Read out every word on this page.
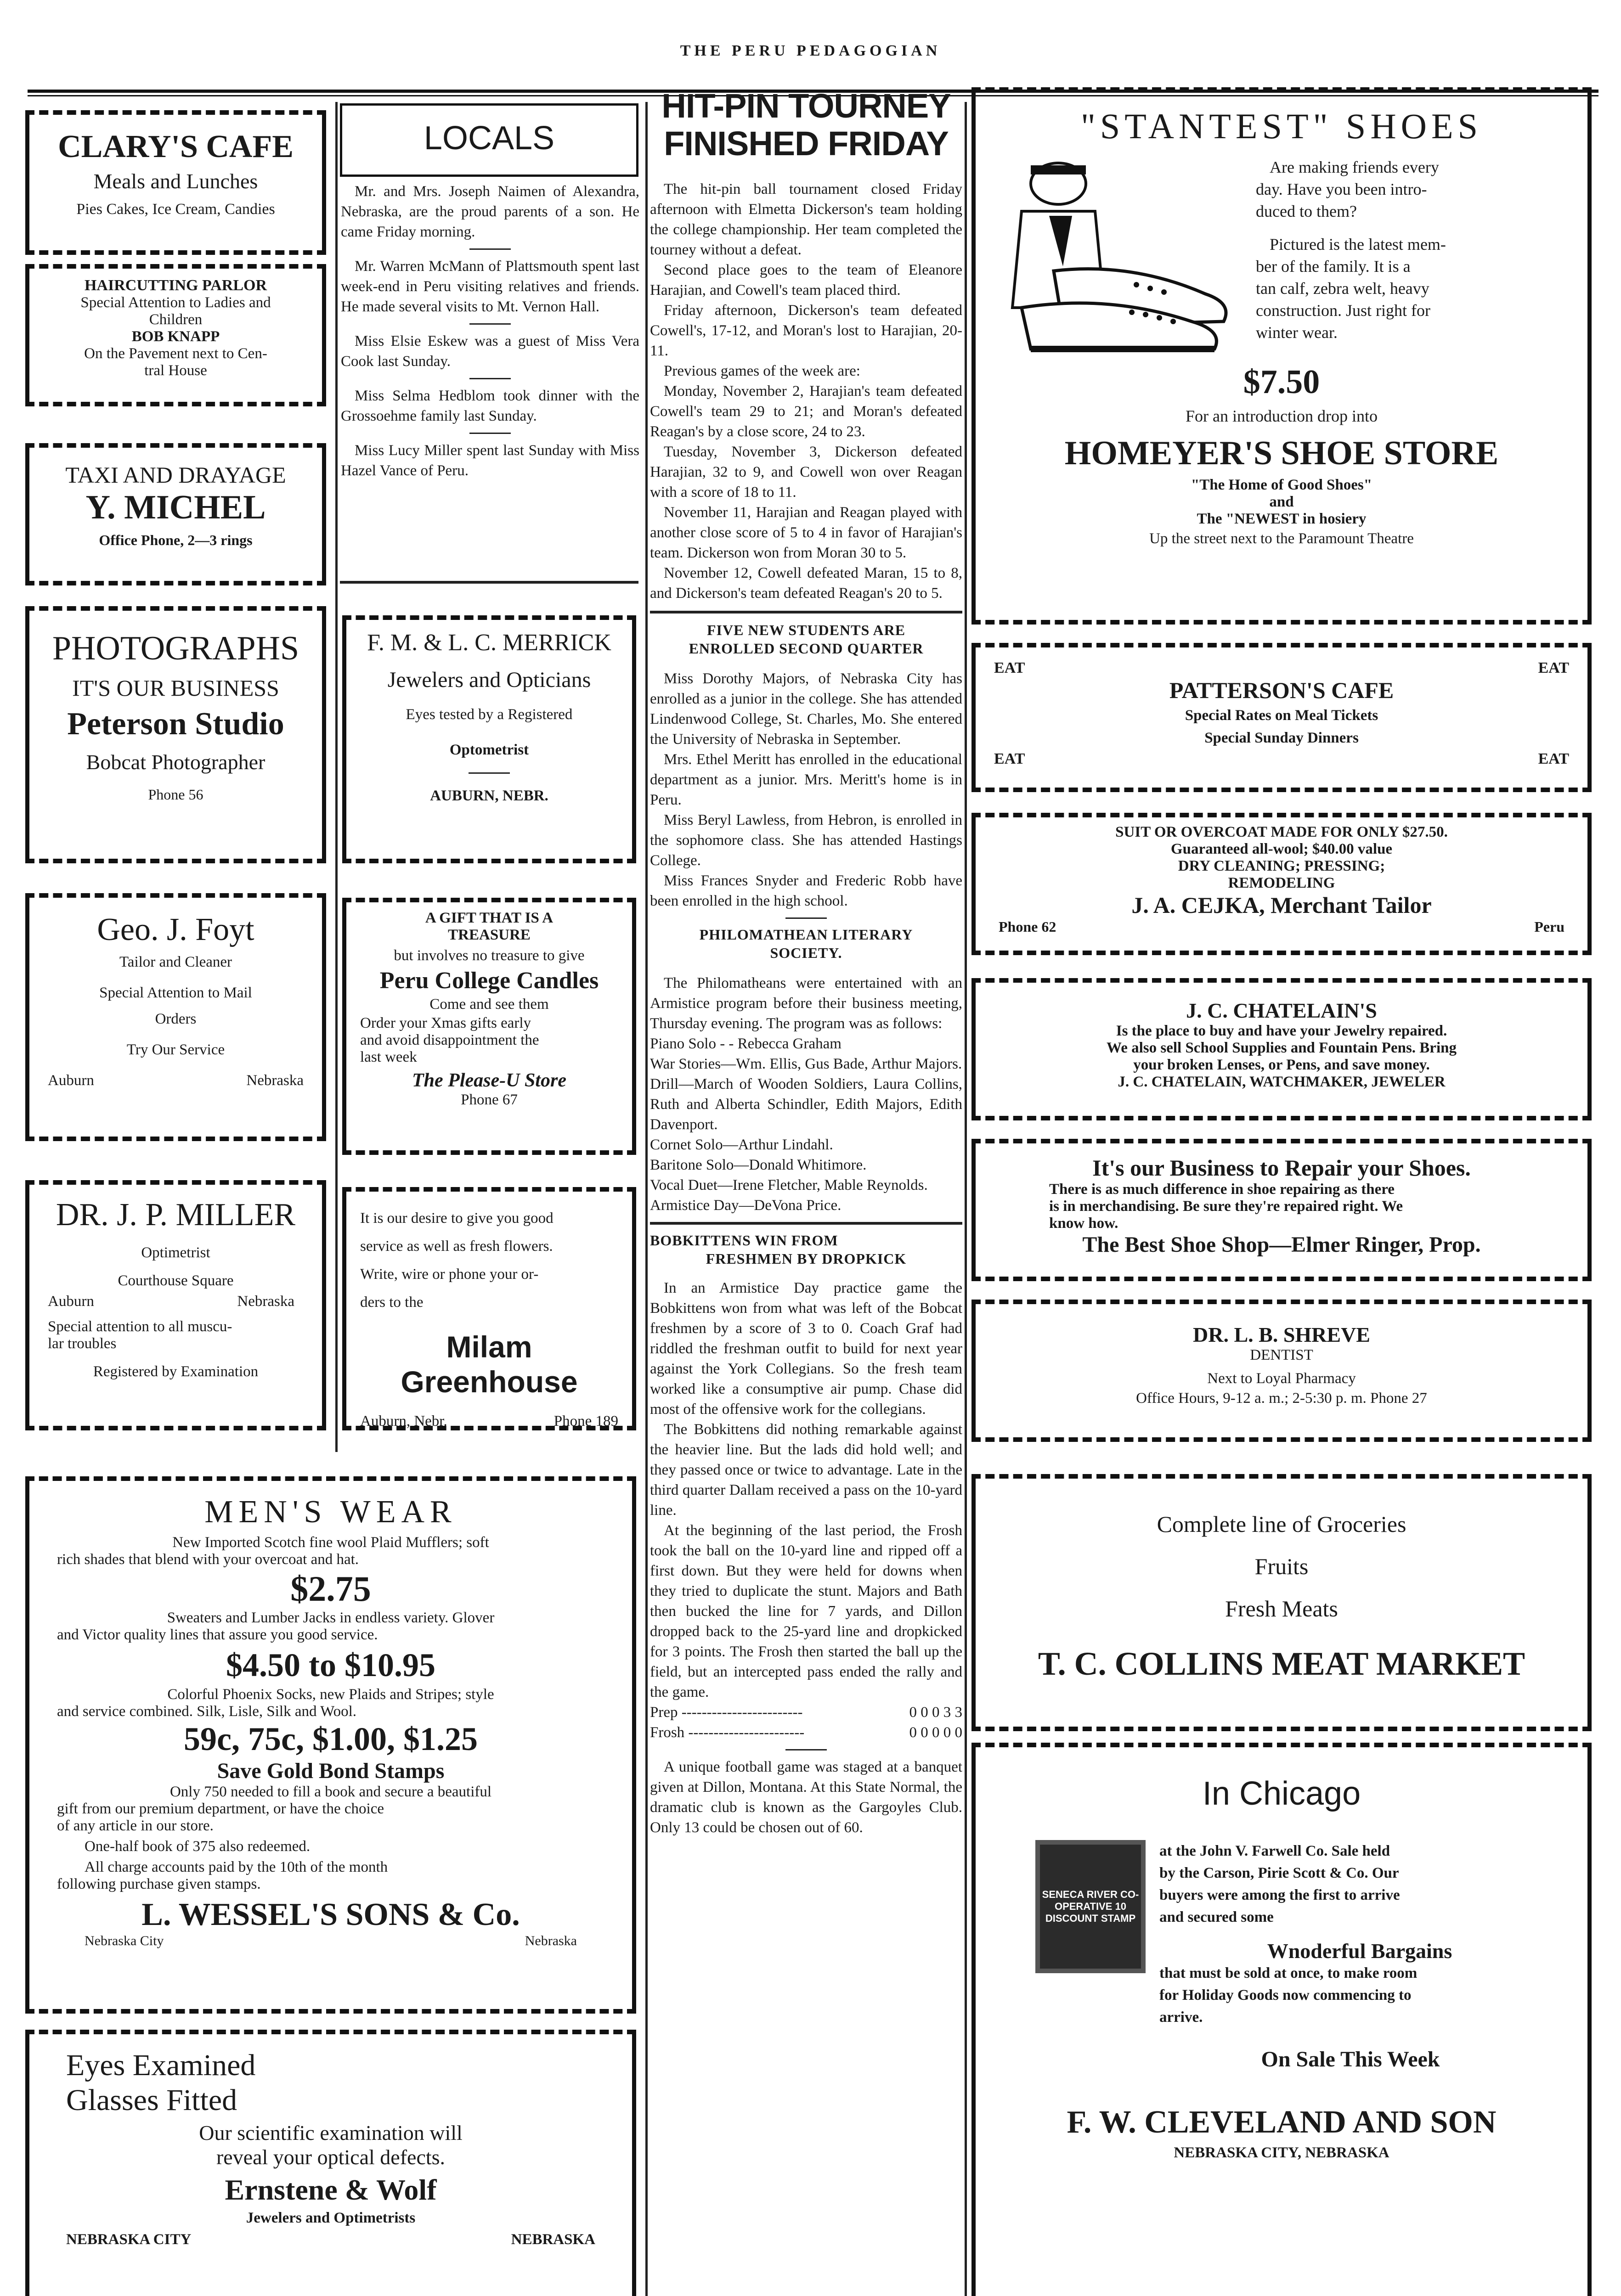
THE PERU PEDAGOGIAN
CLARY'S CAFE
Meals and Lunches
Pies Cakes, Ice Cream, Candies
HAIRCUTTING PARLOR
Special Attention to Ladies and
Children
BOB KNAPP
On the Pavement next to Cen-
tral House
TAXI AND DRAYAGE
Y. MICHEL
Office Phone, 2—3 rings
PHOTOGRAPHS
IT'S OUR BUSINESS
Peterson Studio
Bobcat Photographer
Phone 56
Geo. J. Foyt
Tailor and Cleaner
Special Attention to Mail
Orders
Try Our Service
Auburn	Nebraska
DR. J. P. MILLER
Optimetrist
Courthouse Square
Auburn	Nebraska
Special attention to all muscu-
lar troubles
Registered by Examination
LOCALS

Mr. and Mrs. Joseph Naimen of Alexandra, Nebraska, are the proud parents of a son. He came Friday morning.

Mr. Warren McMann of Plattsmouth spent last week-end in Peru visiting relatives and friends. He made several visits to Mt. Vernon Hall.

Miss Elsie Eskew was a guest of Miss Vera Cook last Sunday.

Miss Selma Hedblom took dinner with the Grossoehme family last Sunday.

Miss Lucy Miller spent last Sunday with Miss Hazel Vance of Peru.

F. M. & L. C. MERRICK
Jewelers and Opticians
Eyes tested by a Registered
Optometrist
AUBURN, NEBR.
A GIFT THAT IS A
TREASURE
but involves no treasure to give
Peru College Candles
Come and see them
Order your Xmas gifts early
and avoid disappointment the
last week
The Please-U Store
Phone 67
It is our desire to give you good
service as well as fresh flowers.
Write, wire or phone your or-
ders to the
Milam Greenhouse
Auburn, Nebr.	Phone 189
MEN'S WEAR
New Imported Scotch fine wool Plaid Mufflers; soft
rich shades that blend with your overcoat and hat.
$2.75
Sweaters and Lumber Jacks in endless variety. Glover
and Victor quality lines that assure you good service.
$4.50 to $10.95
Colorful Phoenix Socks, new Plaids and Stripes; style
and service combined. Silk, Lisle, Silk and Wool.
59c, 75c, $1.00, $1.25
Save Gold Bond Stamps
Only 750 needed to fill a book and secure a beautiful
gift from our premium department, or have the choice
of any article in our store.
One-half book of 375 also redeemed.
All charge accounts paid by the 10th of the month
following purchase given stamps.
L. WESSEL'S SONS & Co.
Nebraska City	Nebraska
Eyes Examined
Glasses Fitted
Our scientific examination will
reveal your optical defects.
Ernstene & Wolf
Jewelers and Optimetrists
NEBRASKA CITY	NEBRASKA
HIT-PIN TOURNEY
FINISHED FRIDAY

The hit-pin ball tournament closed Friday afternoon with Elmetta Dickerson's team holding the college championship. Her team completed the tourney without a defeat.

Second place goes to the team of Eleanore Harajian, and Cowell's team placed third.

Friday afternoon, Dickerson's team defeated Cowell's, 17-12, and Moran's lost to Harajian, 20-11.

Previous games of the week are:

Monday, November 2, Harajian's team defeated Cowell's team 29 to 21; and Moran's defeated Reagan's by a close score, 24 to 23.

Tuesday, November 3, Dickerson defeated Harajian, 32 to 9, and Cowell won over Reagan with a score of 18 to 11.

November 11, Harajian and Reagan played with another close score of 5 to 4 in favor of Harajian's team. Dickerson won from Moran 30 to 5.

November 12, Cowell defeated Maran, 15 to 8, and Dickerson's team defeated Reagan's 20 to 5.

FIVE NEW STUDENTS ARE
ENROLLED SECOND QUARTER

Miss Dorothy Majors, of Nebraska City has enrolled as a junior in the college. She has attended Lindenwood College, St. Charles, Mo. She entered the University of Nebraska in September.

Mrs. Ethel Meritt has enrolled in the educational department as a junior. Mrs. Meritt's home is in Peru.

Miss Beryl Lawless, from Hebron, is enrolled in the sophomore class. She has attended Hastings College.

Miss Frances Snyder and Frederic Robb have been enrolled in the high school.

PHILOMATHEAN LITERARY
SOCIETY.

The Philomatheans were entertained with an Armistice program before their business meeting, Thursday evening. The program was as follows:

Piano Solo - - Rebecca Graham
War Stories—Wm. Ellis, Gus Bade, Arthur Majors.
Drill—March of Wooden Soldiers, Laura Collins, Ruth and Alberta Schindler, Edith Majors, Edith Davenport.
Cornet Solo—Arthur Lindahl.
Baritone Solo—Donald Whitimore.
Vocal Duet—Irene Fletcher, Mable Reynolds.
Armistice Day—DeVona Price.
BOBKITTENS WIN FROM
FRESHMEN BY DROPKICK

In an Armistice Day practice game the Bobkittens won from what was left of the Bobcat freshmen by a score of 3 to 0. Coach Graf had riddled the freshman outfit to build for next year against the York Collegians. So the fresh team worked like a consumptive air pump. Chase did most of the offensive work for the collegians.

The Bobkittens did nothing remarkable against the heavier line. But the lads did hold well; and they passed once or twice to advantage. Late in the third quarter Dallam received a pass on the 10-yard line.

At the beginning of the last period, the Frosh took the ball on the 10-yard line and ripped off a first down. But they were held for downs when they tried to duplicate the stunt. Majors and Bath then bucked the line for 7 yards, and Dillon dropped back to the 25-yard line and dropkicked for 3 points. The Frosh then started the ball up the field, but an intercepted pass ended the rally and the game.

Prep ------------------------	0 0 0 3 3
Frosh -----------------------	0 0 0 0 0

A unique football game was staged at a banquet given at Dillon, Montana. At this State Normal, the dramatic club is known as the Gargoyles Club. Only 13 could be chosen out of 60.

"STANTEST" SHOES
Are making friends every
day. Have you been intro-
duced to them?
Pictured is the latest mem-
ber of the family. It is a
tan calf, zebra welt, heavy
construction. Just right for
winter wear.
$7.50
For an introduction drop into
HOMEYER'S SHOE STORE
"The Home of Good Shoes"
and
The "NEWEST in hosiery
Up the street next to the Paramount Theatre
EAT	EAT
PATTERSON'S CAFE
Special Rates on Meal Tickets
Special Sunday Dinners
EAT	EAT
SUIT OR OVERCOAT MADE FOR ONLY $27.50.
Guaranteed all-wool; $40.00 value
DRY CLEANING; PRESSING;
REMODELING
J. A. CEJKA, Merchant Tailor
Phone 62	Peru
J. C. CHATELAIN'S
Is the place to buy and have your Jewelry repaired.
We also sell School Supplies and Fountain Pens. Bring
your broken Lenses, or Pens, and save money.
J. C. CHATELAIN, WATCHMAKER, JEWELER
It's our Business to Repair your Shoes.
There is as much difference in shoe repairing as there
is in merchandising. Be sure they're repaired right. We
know how.
The Best Shoe Shop—Elmer Ringer, Prop.
DR. L. B. SHREVE
DENTIST
Next to Loyal Pharmacy
Office Hours, 9-12 a. m.; 2-5:30 p. m. Phone 27
Complete line of Groceries
Fruits
Fresh Meats
T. C. COLLINS MEAT MARKET
In Chicago
SENECA RIVER CO-OPERATIVE 10 DISCOUNT STAMP
at the John V. Farwell Co. Sale held
by the Carson, Pirie Scott & Co. Our
buyers were among the first to arrive
and secured some
Wnoderful Bargains
that must be sold at once, to make room
for Holiday Goods now commencing to
arrive.
On Sale This Week
F. W. CLEVELAND AND SON
NEBRASKA CITY, NEBRASKA
